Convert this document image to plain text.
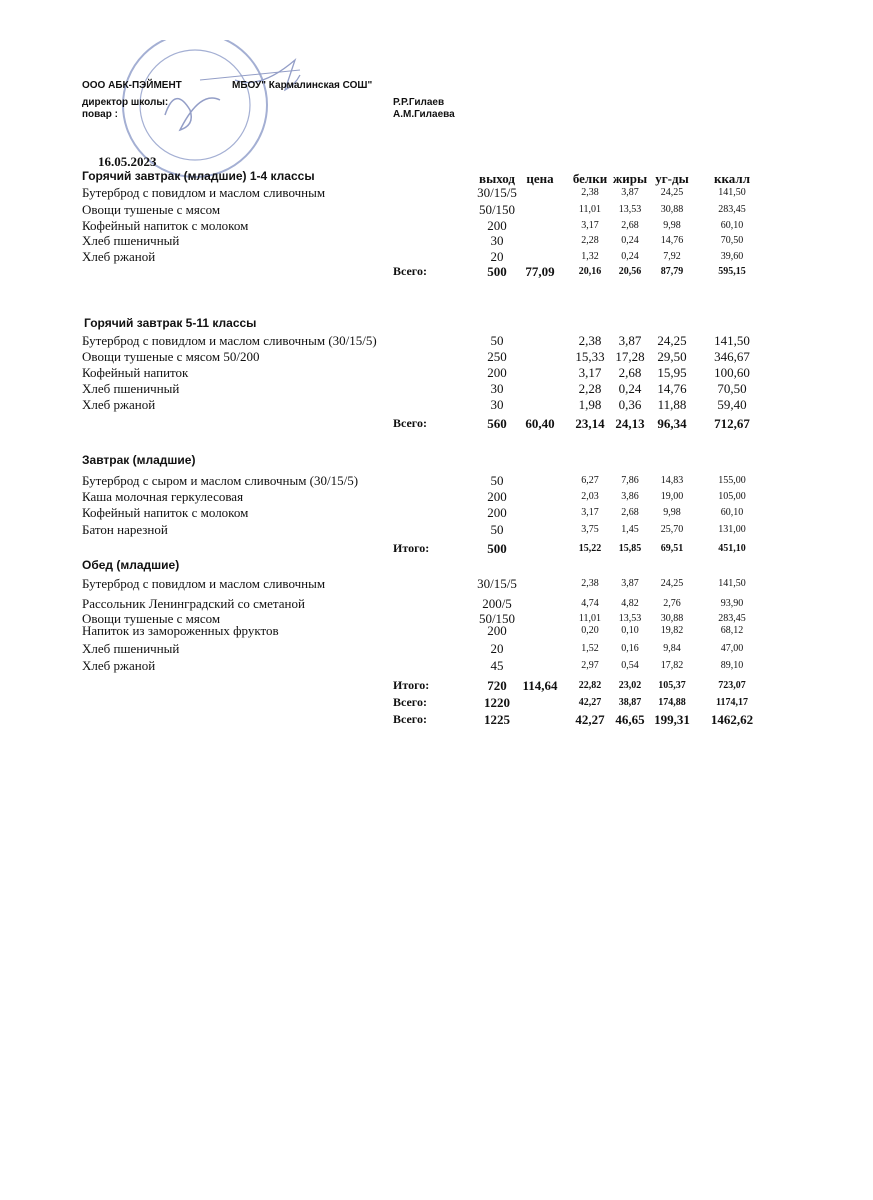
ООО АБК-ПЭЙМЕНТ	МБОУ" Кармалинская СОШ"
директор школы:	Р.Р.Гилаев
повар :	А.М.Гилаева
16.05.2023
выход цена белки жиры уг-ды ккалл
Горячий завтрак (младшие) 1-4 классы
Бутерброд с повидлом и маслом сливочным	30/15/5	2,38 3,87 24,25	141,50
Овощи тушеные с мясом	50/150	11,01 13,53 30,88	283,45
Кофейный напиток с молоком	200	3,17 2,68 9,98	60,10
Хлеб пшеничный	30	2,28 0,24 14,76	70,50
Хлеб ржаной	20	1,32 0,24 7,92	39,60
Всего:	500 77,09 20,16 20,56 87,79	595,15
Горячий завтрак 5-11 классы
Бутерброд с повидлом и маслом сливочным (30/15/5)	50	2,38 3,87 24,25 141,50
Овощи тушеные с мясом 50/200	250	15,33 17,28 29,50 346,67
Кофейный напиток	200	3,17 2,68 15,95 100,60
Хлеб пшеничный	30	2,28 0,24 14,76 70,50
Хлеб ржаной	30	1,98 0,36 11,88 59,40
Всего:	560 60,40 23,14 24,13 96,34 712,67
Завтрак (младшие)
Бутерброд с сыром и маслом сливочным (30/15/5)	50	6,27 7,86 14,83	155,00
Каша молочная геркулесовая	200	2,03 3,86 19,00	105,00
Кофейный напиток с молоком	200	3,17 2,68 9,98	60,10
Батон нарезной	50	3,75 1,45 25,70	131,00
Итого:	500	15,22 15,85 69,51	451,10
Обед (младшие)
Бутерброд с повидлом и маслом сливочным	30/15/5	2,38 3,87 24,25	141,50
Рассольник Ленинградский со сметаной	200/5	4,74 4,82 2,76	93,90
Овощи тушеные с мясом	50/150	11,01 13,53 30,88	283,45
Напиток из замороженных фруктов	200	0,20 0,10 19,82	68,12
Хлеб пшеничный	20	1,52 0,16 9,84	47,00
Хлеб ржаной	45	2,97 0,54 17,82	89,10
Итого:	720 114,64 22,82 23,02 105,37	723,07
Всего:	1220	42,27 38,87 174,88	1174,17
Всего:	1225	42,27 46,65 199,31 1462,62
